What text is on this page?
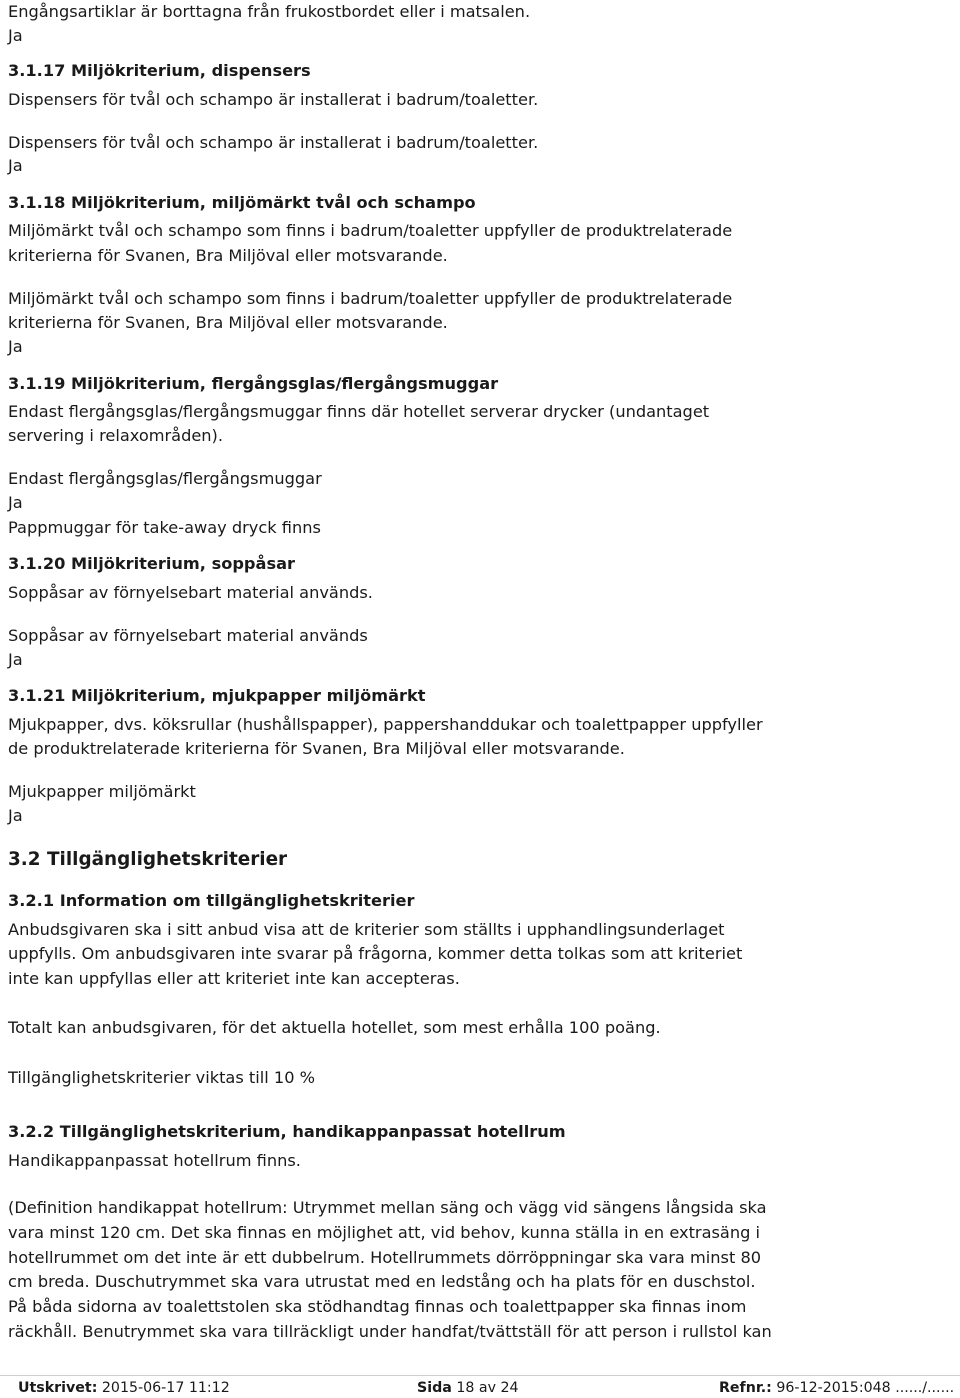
Engångsartiklar är borttagna från frukostbordet eller i matsalen.
Ja
3.1.17 Miljökriterium, dispensers
Dispensers för tvål och schampo är installerat i badrum/toaletter.
Dispensers för tvål och schampo är installerat i badrum/toaletter.
Ja
3.1.18 Miljökriterium, miljömärkt tvål och schampo
Miljömärkt tvål och schampo som finns i badrum/toaletter uppfyller de produktrelaterade
kriterierna för Svanen, Bra Miljöval eller motsvarande.
Miljömärkt tvål och schampo som finns i badrum/toaletter uppfyller de produktrelaterade
kriterierna för Svanen, Bra Miljöval eller motsvarande.
Ja
3.1.19 Miljökriterium, flergångsglas/flergångsmuggar
Endast flergångsglas/flergångsmuggar finns där hotellet serverar drycker (undantaget
servering i relaxområden).
Endast flergångsglas/flergångsmuggar
Ja
Pappmuggar för take-away dryck finns
3.1.20 Miljökriterium, soppåsar
Soppåsar av förnyelsebart material används.
Soppåsar av förnyelsebart material används
Ja
3.1.21 Miljökriterium, mjukpapper miljömärkt
Mjukpapper, dvs. köksrullar (hushållspapper), pappershanddukar och toalettpapper uppfyller
de produktrelaterade kriterierna för Svanen, Bra Miljöval eller motsvarande.
Mjukpapper miljömärkt
Ja
3.2 Tillgänglighetskriterier
3.2.1 Information om tillgänglighetskriterier
Anbudsgivaren ska i sitt anbud visa att de kriterier som ställts i upphandlingsunderlaget
uppfylls. Om anbudsgivaren inte svarar på frågorna, kommer detta tolkas som att kriteriet
inte kan uppfyllas eller att kriteriet inte kan accepteras.
Totalt kan anbudsgivaren, för det aktuella hotellet, som mest erhålla 100 poäng.
Tillgänglighetskriterier viktas till 10 %
3.2.2 Tillgänglighetskriterium, handikappanpassat hotellrum
Handikappanpassat hotellrum finns.
(Definition handikappat hotellrum: Utrymmet mellan säng och vägg vid sängens långsida ska
vara minst 120 cm. Det ska finnas en möjlighet att, vid behov, kunna ställa in en extrasäng i
hotellrummet om det inte är ett dubbelrum. Hotellrummets dörröppningar ska vara minst 80
cm breda. Duschutrymmet ska vara utrustat med en ledstång och ha plats för en duschstol.
På båda sidorna av toalettstolen ska stödhandtag finnas och toalettpapper ska finnas inom
räckhåll. Benutrymmet ska vara tillräckligt under handfat/tvättställ för att person i rullstol kan
Utskrivet: 2015-06-17 11:12	Sida 18 av 24	Refnr.: 96-12-2015:048 ....../......
